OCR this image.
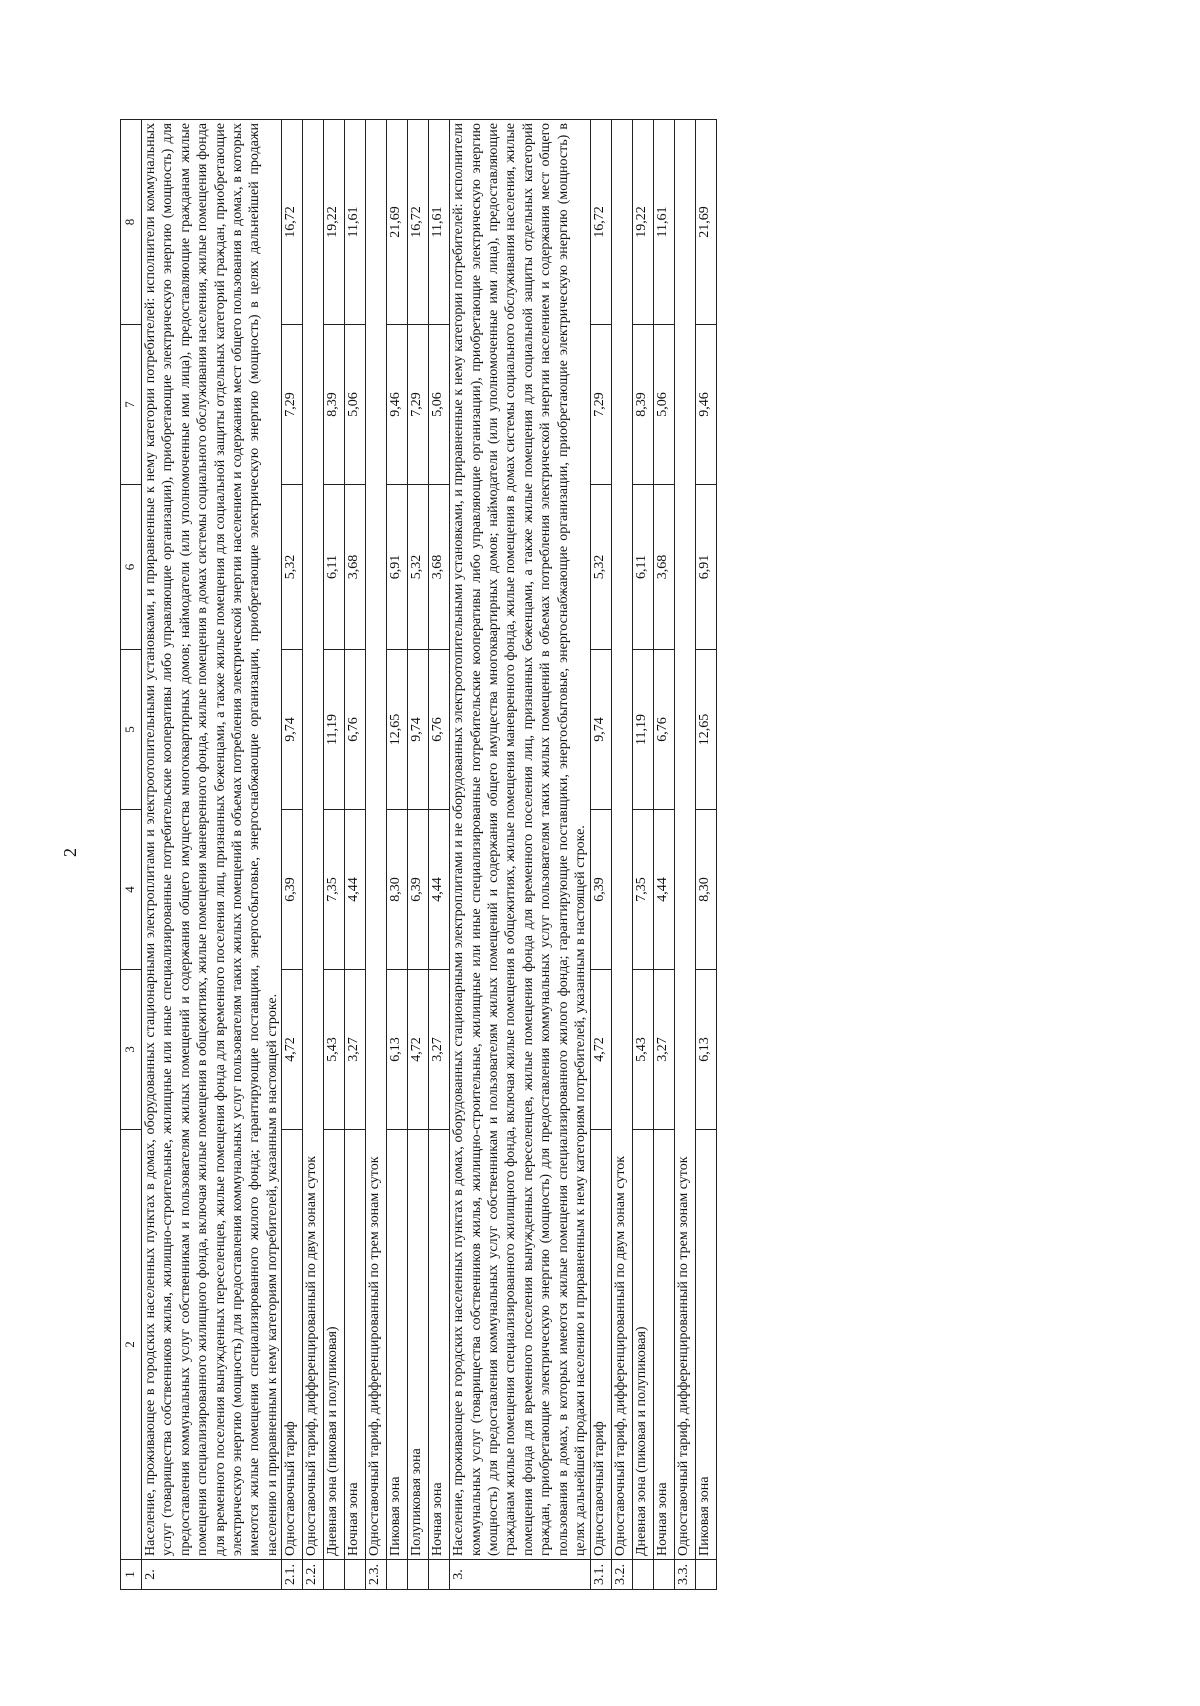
2
1	2	3	4	5	6	7	8
2.	Население, проживающее в городских населенных пунктах в домах, оборудованных стационарными электроплитами и электроотопительными установками, и приравненные к нему категории потребителей: исполнители коммунальных услуг (товарищества собственников жилья, жилищно-строительные, жилищные или иные специализированные потребительские кооперативы либо управляющие организации), приобретающие электрическую энергию (мощность) для предоставления коммунальных услуг собственникам и пользователям жилых помещений и содержания общего имущества многоквартирных домов; наймодатели (или уполномоченные ими лица), предоставляющие гражданам жилые помещения специализированного жилищного фонда, включая жилые помещения в общежитиях, жилые помещения маневренного фонда, жилые помещения в домах системы социального обслуживания населения, жилые помещения фонда для временного поселения вынужденных переселенцев, жилые помещения фонда для временного поселения лиц, признанных беженцами, а также жилые помещения для социальной защиты отдельных категорий граждан, приобретающие электрическую энергию (мощность) для предоставления коммунальных услуг пользователям таких жилых помещений в объемах потребления электрической энергии населением и содержания мест общего пользования в домах, в которых имеются жилые помещения специализированного жилого фонда; гарантирующие поставщики, энергосбытовые, энергоснабжающие организации, приобретающие электрическую энергию (мощность) в целях дальнейшей продажи населению и приравненным к нему категориям потребителей, указанным в настоящей строке.						
2.1.	Одноставочный тариф	4,72	6,39	9,74	5,32	7,29	16,72
2.2.	Одноставочный тариф, дифференцированный по двум зонам суток						
	Дневная зона (пиковая и полупиковая)	5,43	7,35	11,19	6,11	8,39	19,22
	Ночная зона	3,27	4,44	6,76	3,68	5,06	11,61
2.3.	Одноставочный тариф, дифференцированный по трем зонам суток						
	Пиковая зона	6,13	8,30	12,65	6,91	9,46	21,69
	Полупиковая зона	4,72	6,39	9,74	5,32	7,29	16,72
	Ночная зона	3,27	4,44	6,76	3,68	5,06	11,61
3.	Население, проживающее в городских населенных пунктах в домах, оборудованных стационарными электроплитами и не оборудованных электроотопительными установками, и приравненные к нему категории потребителей: исполнители коммунальных услуг (товарищества собственников жилья, жилищно-строительные, жилищные или иные специализированные потребительские кооперативы либо управляющие организации), приобретающие электрическую энергию (мощность) для предоставления коммунальных услуг собственникам и пользователям жилых помещений и содержания общего имущества многоквартирных домов; наймодатели (или уполномоченные ими лица), предоставляющие гражданам жилые помещения специализированного жилищного фонда, включая жилые помещения в общежитиях, жилые помещения маневренного фонда, жилые помещения в домах системы социального обслуживания населения, жилые помещения фонда для временного поселения вынужденных переселенцев, жилые помещения фонда для временного поселения лиц, признанных беженцами, а также жилые помещения для социальной защиты отдельных категорий граждан, приобретающие электрическую энергию (мощность) для предоставления коммунальных услуг пользователям таких жилых помещений в объемах потребления электрической энергии населением и содержания мест общего пользования в домах, в которых имеются жилые помещения специализированного жилого фонда; гарантирующие поставщики, энергосбытовые, энергоснабжающие организации, приобретающие электрическую энергию (мощность) в целях дальнейшей продажи населению и приравненным к нему категориям потребителей, указанным в настоящей строке.						
3.1.	Одноставочный тариф	4,72	6,39	9,74	5,32	7,29	16,72
3.2.	Одноставочный тариф, дифференцированный по двум зонам суток						
	Дневная зона (пиковая и полупиковая)	5,43	7,35	11,19	6,11	8,39	19,22
	Ночная зона	3,27	4,44	6,76	3,68	5,06	11,61
3.3.	Одноставочный тариф, дифференцированный по трем зонам суток						
	Пиковая зона	6,13	8,30	12,65	6,91	9,46	21,69
